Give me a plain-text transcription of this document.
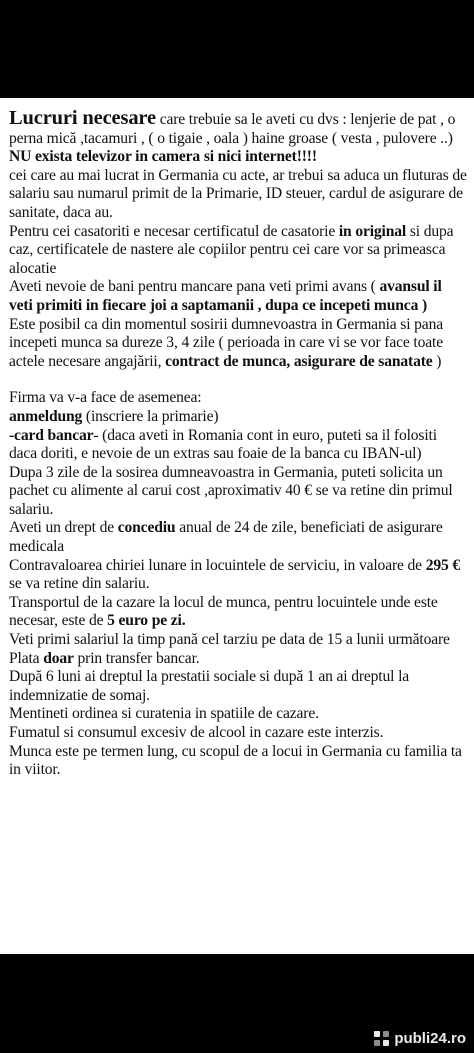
Lucruri necesare care trebuie sa le aveti cu dvs : lenjerie de pat , o perna mică ,tacamuri , ( o tigaie , oala ) haine groase ( vesta , pulovere ..) NU exista televizor in camera si nici internet!!!!

cei care au mai lucrat in Germania cu acte, ar trebui sa aduca un fluturas de salariu sau numarul primit de la Primarie, ID steuer, cardul de asigurare de sanitate, daca au.

Pentru cei casatoriti e necesar certificatul de casatorie in original si dupa caz, certificatele de nastere ale copiilor pentru cei care vor sa primeasca alocatie

Aveti nevoie de bani pentru mancare pana veti primi avans ( avansul il veti primiti in fiecare joi a saptamanii , dupa ce incepeti munca )

Este posibil ca din momentul sosirii dumnevoastra in Germania si pana incepeti munca sa dureze 3, 4 zile ( perioada in care vi se vor face toate actele necesare angajării, contract de munca, asigurare de sanatate )

Firma va v-a face de asemenea:

anmeldung (inscriere la primarie)

-card bancar- (daca aveti in Romania cont in euro, puteti sa il folositi daca doriti, e nevoie de un extras sau foaie de la banca cu IBAN-ul)

Dupa 3 zile de la sosirea dumneavoastra in Germania, puteti solicita un pachet cu alimente al carui cost ,aproximativ 40 € se va retine din primul salariu.

Aveti un drept de concediu anual de 24 de zile, beneficiati de asigurare medicala

Contravaloarea chiriei lunare in locuintele de serviciu, in valoare de 295 € se va retine din salariu.

Transportul de la cazare la locul de munca, pentru locuintele unde este necesar, este de 5 euro pe zi.

Veti primi salariul la timp pană cel tarziu pe data de 15 a lunii următoare

Plata doar prin transfer bancar.

După 6 luni ai dreptul la prestatii sociale si după 1 an ai dreptul la indemnizatie de somaj.

Mentineti ordinea si curatenia in spatiile de cazare.

Fumatul si consumul excesiv de alcool in cazare este interzis.

Munca este pe termen lung, cu scopul de a locui in Germania cu familia ta in viitor.

publi24.ro
